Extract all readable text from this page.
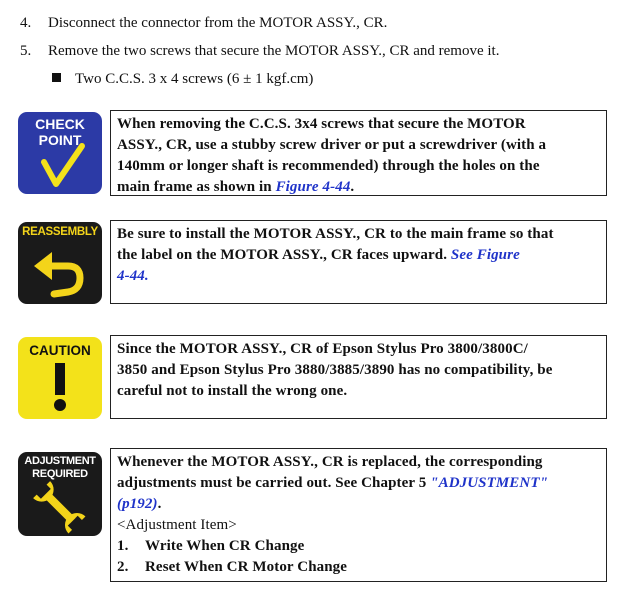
4. Disconnect the connector from the MOTOR ASSY., CR.
5. Remove the two screws that secure the MOTOR ASSY., CR and remove it.
Two C.C.S. 3 x 4 screws (6 ± 1 kgf.cm)
CHECK
POINT
When removing the C.C.S. 3x4 screws that secure the MOTOR
ASSY., CR, use a stubby screw driver or put a screwdriver (with a
140mm or longer shaft is recommended) through the holes on the
main frame as shown in Figure 4-44.
REASSEMBLY Be sure to install the MOTOR ASSY., CR to the main frame so that
the label on the MOTOR ASSY., CR faces upward. See Figure
4-44.
CAUTION	Since the MOTOR ASSY., CR of Epson Stylus Pro 3800/3800C/
3850 and Epson Stylus Pro 3880/3885/3890 has no compatibility, be
careful not to install the wrong one.
ADJUSTMENT
REQUIRED
Whenever the MOTOR ASSY., CR is replaced, the corresponding
adjustments must be carried out. See Chapter 5 "ADJUSTMENT"
(p192).
<Adjustment Item>
1. Write When CR Change
2. Reset When CR Motor Change
